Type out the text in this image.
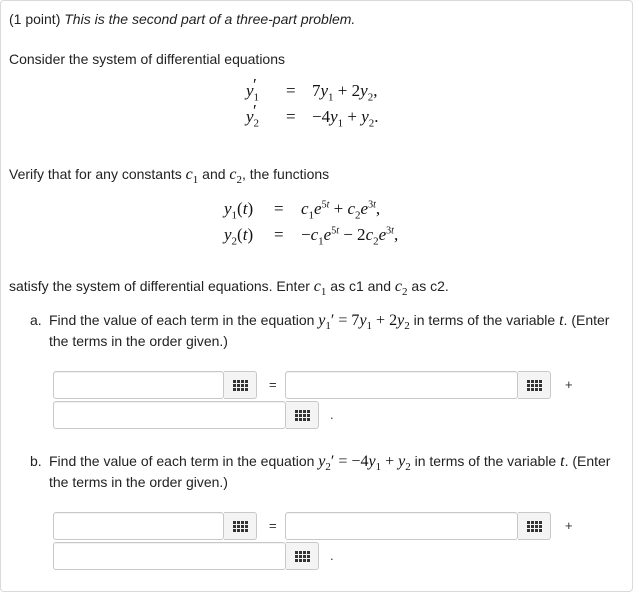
(1 point) This is the second part of a three-part problem.
Consider the system of differential equations
$y_1' = 7y_1 + 2y_2$,
$y_2' = -4y_1 + y_2$.
Verify that for any constants $c_1$ and $c_2$, the functions
$y_1(t) = c_1e^{5t} + c_2e^{3t}$,
$y_2(t) = -c_1e^{5t} - 2c_2e^{3t}$,
satisfy the system of differential equations. Enter $c_1$ as c1 and $c_2$ as c2.
a. Find the value of each term in the equation $y_1' = 7y_1 + 2y_2$ in terms of the variable t. (Enter
the terms in the order given.)
=	+
.
b. Find the value of each term in the equation $y_2' = -4y_1 + y_2$ in terms of the variable t. (Enter
the terms in the order given.)
=	+
.
